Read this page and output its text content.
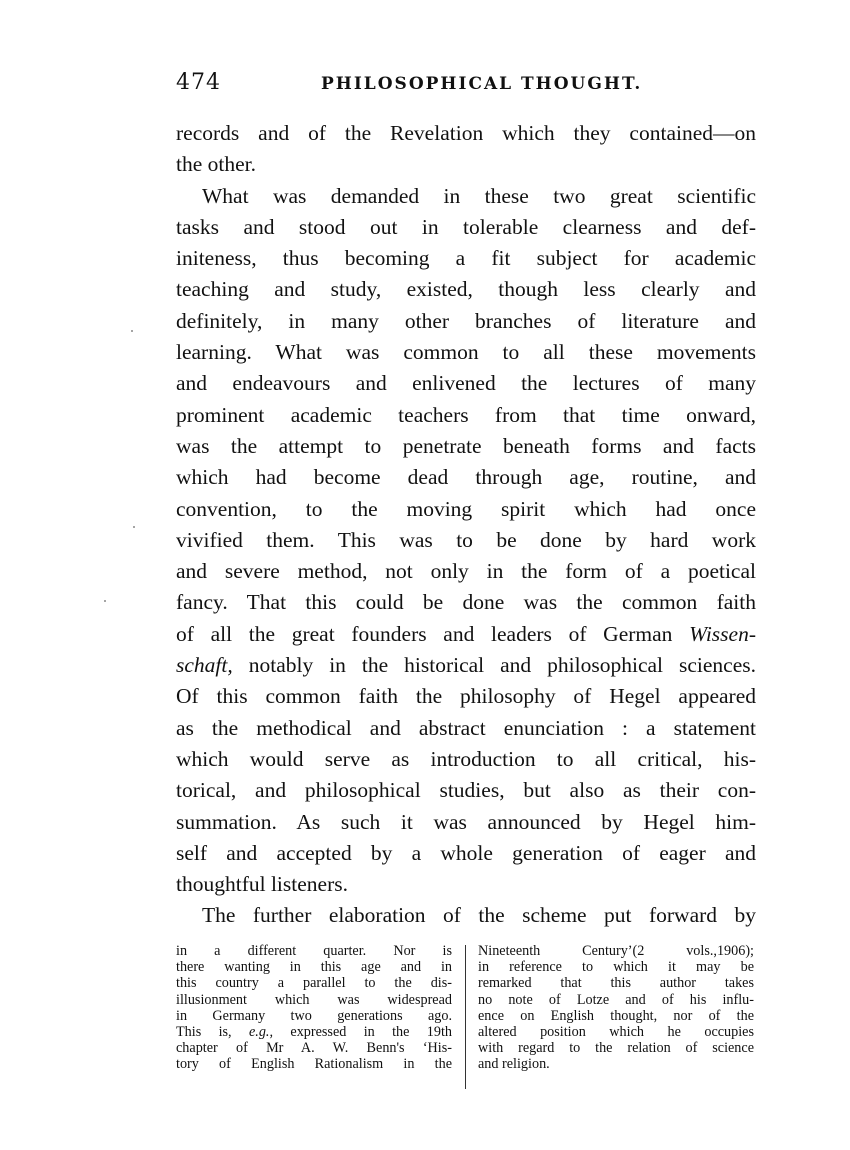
474	PHILOSOPHICAL THOUGHT.
records and of the Revelation which they contained—on
the other.
What was demanded in these two great scientific
tasks and stood out in tolerable clearness and def-
initeness, thus becoming a fit subject for academic
teaching and study, existed, though less clearly and
definitely, in many other branches of literature and
learning. What was common to all these movements
and endeavours and enlivened the lectures of many
prominent academic teachers from that time onward,
was the attempt to penetrate beneath forms and facts
which had become dead through age, routine, and
convention, to the moving spirit which had once
vivified them. This was to be done by hard work
and severe method, not only in the form of a poetical
fancy. That this could be done was the common faith
of all the great founders and leaders of German Wissen-
schaft, notably in the historical and philosophical sciences.
Of this common faith the philosophy of Hegel appeared
as the methodical and abstract enunciation : a statement
which would serve as introduction to all critical, his-
torical, and philosophical studies, but also as their con-
summation. As such it was announced by Hegel him-
self and accepted by a whole generation of eager and
thoughtful listeners.
The further elaboration of the scheme put forward by
in a different quarter. Nor is
there wanting in this age and in
this country a parallel to the dis-
illusionment which was widespread
in Germany two generations ago.
This is, e.g., expressed in the 19th
chapter of Mr A. W. Benn's ‘His-
tory of English Rationalism in the
Nineteenth Century’(2 vols.,1906);
in reference to which it may be
remarked that this author takes
no note of Lotze and of his influ-
ence on English thought, nor of the
altered position which he occupies
with regard to the relation of science
and religion.
